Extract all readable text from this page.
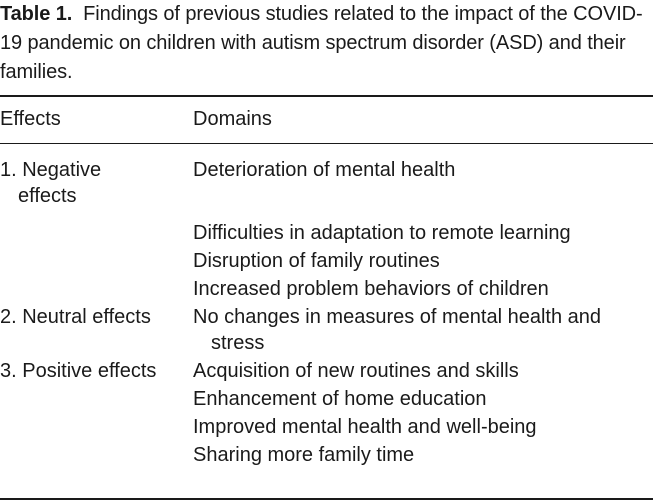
Table 1. Findings of previous studies related to the impact of the COVID-19 pandemic on children with autism spectrum disorder (ASD) and their families.
Effects	Domains
1. Negative
effects
Deterioration of mental health
Difficulties in adaptation to remote learning
Disruption of family routines
Increased problem behaviors of children
2. Neutral effects No changes in measures of mental health and
stress
3. Positive effects Acquisition of new routines and skills
Enhancement of home education
Improved mental health and well-being
Sharing more family time
